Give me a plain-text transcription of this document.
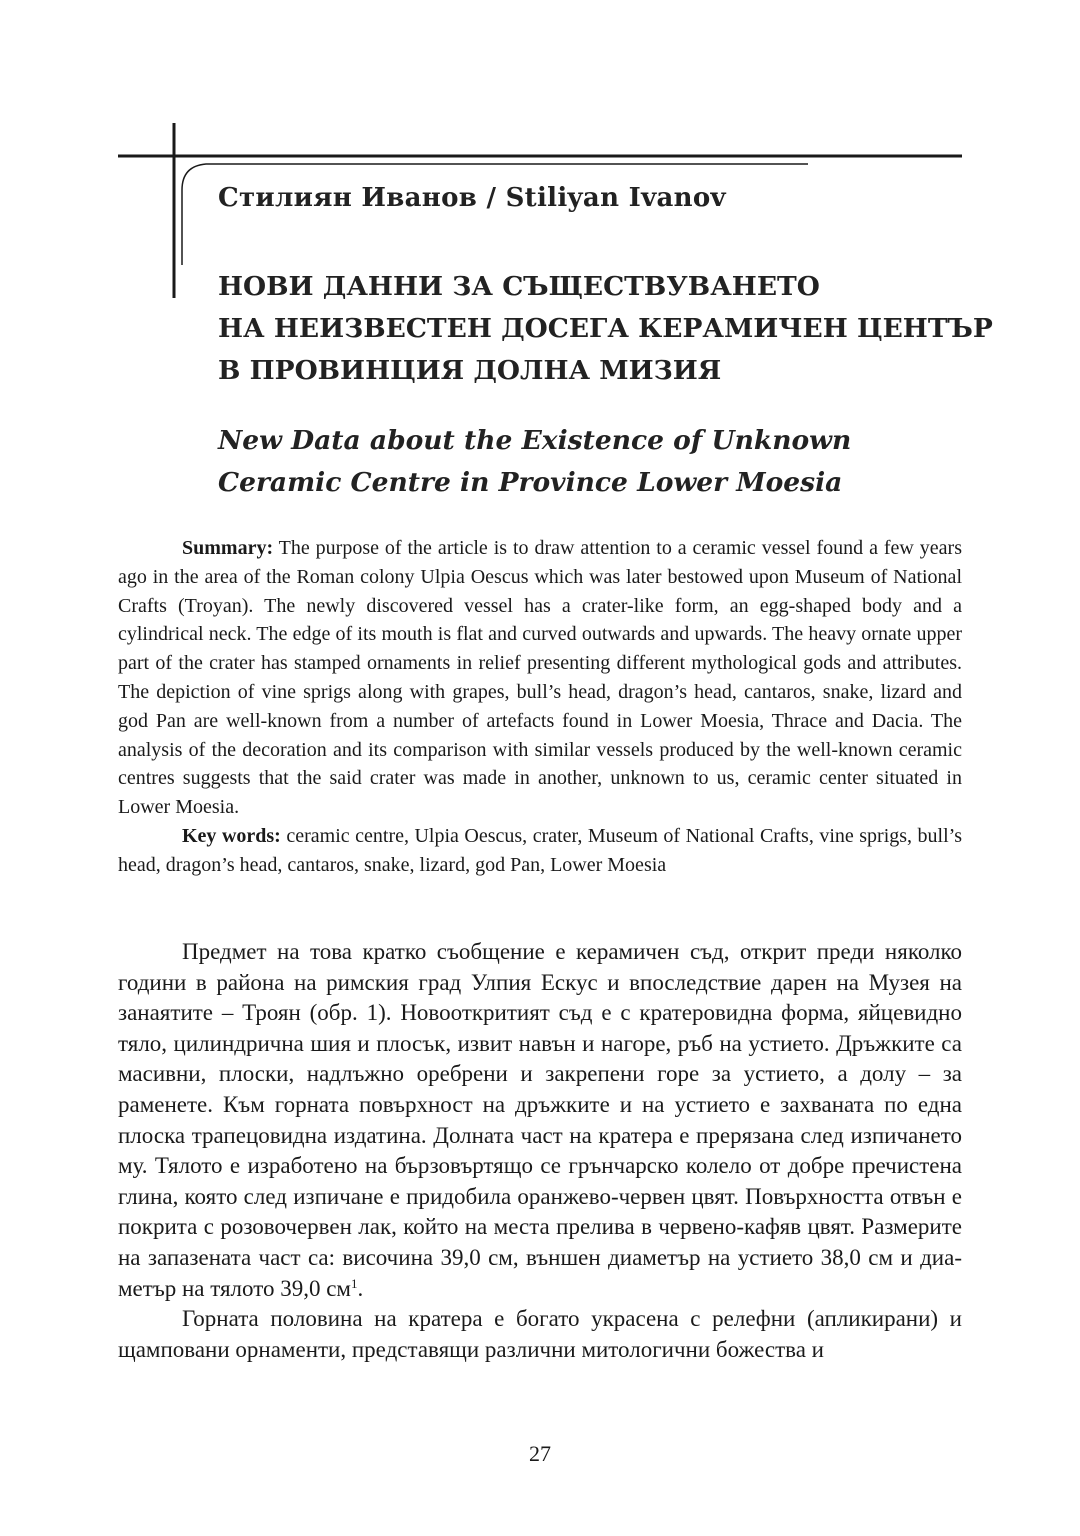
Стилиян Иванов / Stiliyan Ivanov
НОВИ ДАННИ ЗА СЪЩЕСТВУВАНЕТО
НА НЕИЗВЕСТЕН ДОСЕГА КЕРАМИЧЕН ЦЕНТЪР
В ПРОВИНЦИЯ ДОЛНА МИЗИЯ
New Data about the Existence of Unknown
Ceramic Centre in Province Lower Moesia

Summary: The purpose of the article is to draw attention to a ceramic vessel found a few years ago in the area of the Roman colony Ulpia Oescus which was later bestowed upon Museum of National Crafts (Troyan). The newly discovered vessel has a crater-like form, an egg-shaped body and a cylindrical neck. The edge of its mouth is flat and curved outwards and upwards. The heavy ornate upper part of the crater has stamped ornaments in relief presenting different mythological gods and attributes. The depiction of vine sprigs along with grapes, bull’s head, dragon’s head, cantaros, snake, lizard and god Pan are well-known from a number of artefacts found in Lower Moesia, Thrace and Dacia. The analysis of the decoration and its comparison with similar vessels produced by the well-known ceramic centres suggests that the said crater was made in another, unknown to us, ceramic center situated in Lower Moesia.

Key words: ceramic centre, Ulpia Oescus, crater, Museum of National Crafts, vine sprigs, bull’s head, dragon’s head, cantaros, snake, lizard, god Pan, Lower Moesia

Предмет на това кратко съобщение е керамичен съд, открит преди няколко години в района на римския град Улпия Ескус и впоследствие дарен на Музея на занаятите – Троян (обр. 1). Новооткритият съд е с кратеровидна форма, яйцевидно тяло, цилиндрична шия и плосък, извит навън и нагоре, ръб на устието. Дръжките са масивни, плоски, надлъжно оребрени и закрепени горе за устието, а долу – за раменете. Към горната повърхност на дръжките и на устието е захваната по една плоска трапецовидна издатина. Долната част на кратера е прерязана след изпичането му. Тялото е изработено на бързовъртящо се грънчарско колело от добре пречистена глина, която след изпичане е придобила оранжево-червен цвят. Повърхността отвън е покрита с розовочервен лак, който на места прелива в червено-кафяв цвят. Размерите на запазената част са: височина 39,0 см, външен диаметър на устието 38,0 см и диаметър на тялото 39,0 $см^1$.

Горната половина на кратера е богато украсена с релефни (апликирани) и щамповани орнаменти, представящи различни митологични божества и

27
